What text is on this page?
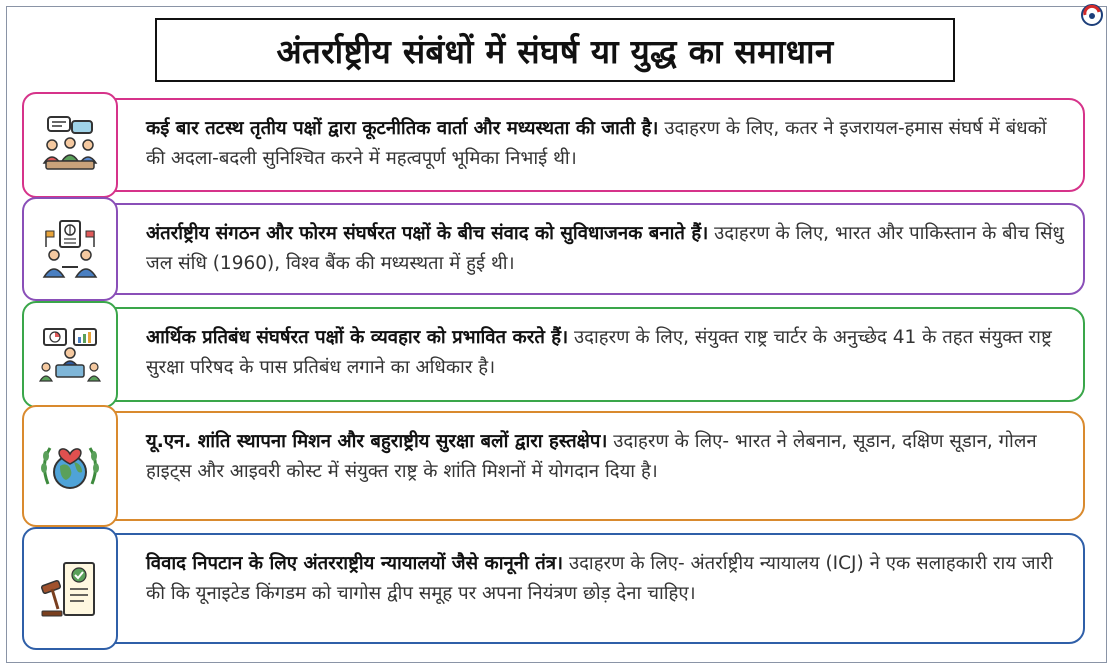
अंतर्राष्ट्रीय संबंधों में संघर्ष या युद्ध का समाधान
कई बार तटस्थ तृतीय पक्षों द्वारा कूटनीतिक वार्ता और मध्यस्थता की जाती है। उदाहरण के लिए, कतर ने इजरायल-हमास संघर्ष में बंधकों की अदला-बदली सुनिश्चित करने में महत्वपूर्ण भूमिका निभाई थी।
अंतर्राष्ट्रीय संगठन और फोरम संघर्षरत पक्षों के बीच संवाद को सुविधाजनक बनाते हैं। उदाहरण के लिए, भारत और पाकिस्तान के बीच सिंधु जल संधि (1960), विश्व बैंक की मध्यस्थता में हुई थी।
आर्थिक प्रतिबंध संघर्षरत पक्षों के व्यवहार को प्रभावित करते हैं। उदाहरण के लिए, संयुक्त राष्ट्र चार्टर के अनुच्छेद 41 के तहत संयुक्त राष्ट्र सुरक्षा परिषद के पास प्रतिबंध लगाने का अधिकार है।
यू.एन. शांति स्थापना मिशन और बहुराष्ट्रीय सुरक्षा बलों द्वारा हस्तक्षेप। उदाहरण के लिए- भारत ने लेबनान, सूडान, दक्षिण सूडान, गोलन हाइट्स और आइवरी कोस्ट में संयुक्त राष्ट्र के शांति मिशनों में योगदान दिया है।
विवाद निपटान के लिए अंतरराष्ट्रीय न्यायालयों जैसे कानूनी तंत्र। उदाहरण के लिए- अंतर्राष्ट्रीय न्यायालय (ICJ) ने एक सलाहकारी राय जारी की कि यूनाइटेड किंगडम को चागोस द्वीप समूह पर अपना नियंत्रण छोड़ देना चाहिए।
